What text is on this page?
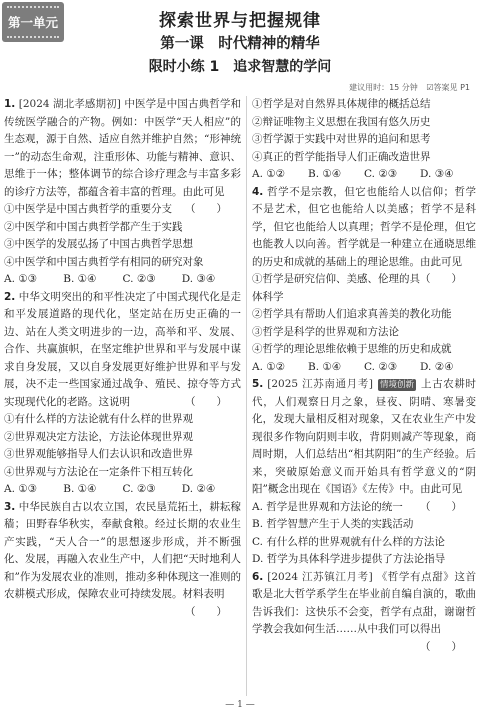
第一单元	探索世界与把握规律
第一课　时代精神的精华
限时小练 1　追求智慧的学问
建议用时：15 分钟 ☑答案见 P1

1. [2024 湖北孝感期初] 中医学是中国古典哲学和传统医学融合的产物。例如：中医学“天人相应”的生态观，源于自然、适应自然并维护自然；“形神统一”的动态生命观，注重形体、功能与精神、意识、思维于一体；整体调节的综合诊疗理念与丰富多彩的诊疗方法等，都蕴含着丰富的哲理。由此可见
（　　）

①中医学是中国古典哲学的重要分支

②中医学和中国古典哲学都产生于实践

③中医学的发展弘扬了中国古典哲学思想

④中医学和中国古典哲学有相同的研究对象

A. ①③	B. ①④	C. ②③	D. ③④

2. 中华文明突出的和平性决定了中国式现代化是走和平发展道路的现代化，坚定站在历史正确的一边、站在人类文明进步的一边，高举和平、发展、合作、共赢旗帜，在坚定维护世界和平与发展中谋求自身发展，又以自身发展更好维护世界和平与发展，决不走一些国家通过战争、殖民、掠夺等方式实现现代化的老路。这说明	（　　）

①有什么样的方法论就有什么样的世界观

②世界观决定方法论，方法论体现世界观

③世界观能够指导人们去认识和改造世界

④世界观与方法论在一定条件下相互转化

A. ①③	B. ①④	C. ②③	D. ②④

3. 中华民族自古以农立国，农民垦荒拓土，耕耘稼穑；田野春华秋实，奉献食粮。经过长期的农业生产实践，“天人合一”的思想逐步形成，并不断强化、发展，再融入农业生产中，人们把“天时地利人和”作为发展农业的准则，推动多种体现这一准则的农耕模式形成，保障农业可持续发展。材料表明
（　　）

①哲学是对自然界具体规律的概括总结

②辩证唯物主义思想在我国有悠久历史

③哲学源于实践中对世界的追问和思考

④真正的哲学能指导人们正确改造世界

A. ①②	B. ①④	C. ②③	D. ③④

4. 哲学不是宗教，但它也能给人以信仰；哲学不是艺术，但它也能给人以美感；哲学不是科学，但它也能给人以真理；哲学不是伦理，但它也能教人以向善。哲学就是一种建立在通晓思维的历史和成就的基础上的理论思维。由此可见
（　　）

①哲学是研究信仰、美感、伦理的具体科学

②哲学具有帮助人们追求真善美的教化功能

③哲学是科学的世界观和方法论

④哲学的理论思维依赖于思维的历史和成就

A. ①②	B. ①④	C. ②③	D. ②④

5. [2025 江苏南通月考] 情境创新 上古农耕时代，人们观察日月之象，昼夜、阴晴、寒暑变化，发现大量相反相对现象，又在农业生产中发现很多作物向阴则丰收，背阴则减产等现象，商周时期，人们总结出“相其阴阳”的生产经验。后来，突破原始意义而开始具有哲学意义的“阴阳”概念出现在《国语》《左传》中。由此可见
（　　）

A. 哲学是世界观和方法论的统一

B. 哲学智慧产生于人类的实践活动

C. 有什么样的世界观就有什么样的方法论

D. 哲学为具体科学进步提供了方法论指导

6. [2024 江苏镇江月考] 《哲学有点甜》这首歌是北大哲学系学生在毕业前自编自演的，歌曲告诉我们：这快乐不会变，哲学有点甜，谢谢哲学教会我如何生活……从中我们可以得出
（　　）

— 1 —
